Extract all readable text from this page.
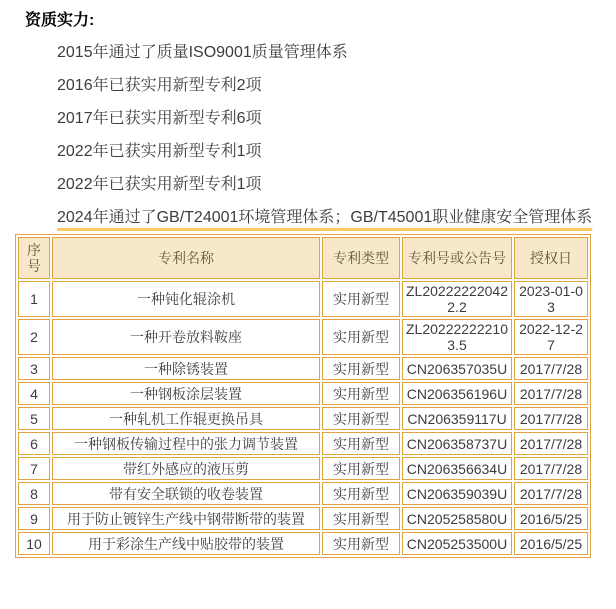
资质实力:

2015年通过了质量ISO9001质量管理体系

2016年已获实用新型专利2项

2017年已获实用新型专利6项

2022年已获实用新型专利1项

2022年已获实用新型专利1项

2024年通过了GB/T24001环境管理体系；GB/T45001职业健康安全管理体系

序号	专利名称	专利类型	专利号或公告号	授权日
1	一种钝化辊涂机	实用新型	ZL202222220422.2	2023-01-03
2	一种开卷放料鞍座	实用新型	ZL202222222103.5	2022-12-27
3	一种除锈装置	实用新型	CN206357035U	2017/7/28
4	一种钢板涂层装置	实用新型	CN206356196U	2017/7/28
5	一种轧机工作辊更换吊具	实用新型	CN206359117U	2017/7/28
6	一种钢板传输过程中的张力调节装置	实用新型	CN206358737U	2017/7/28
7	带红外感应的液压剪	实用新型	CN206356634U	2017/7/28
8	带有安全联锁的收卷装置	实用新型	CN206359039U	2017/7/28
9	用于防止镀锌生产线中钢带断带的装置	实用新型	CN205258580U	2016/5/25
10	用于彩涂生产线中贴胶带的装置	实用新型	CN205253500U	2016/5/25
